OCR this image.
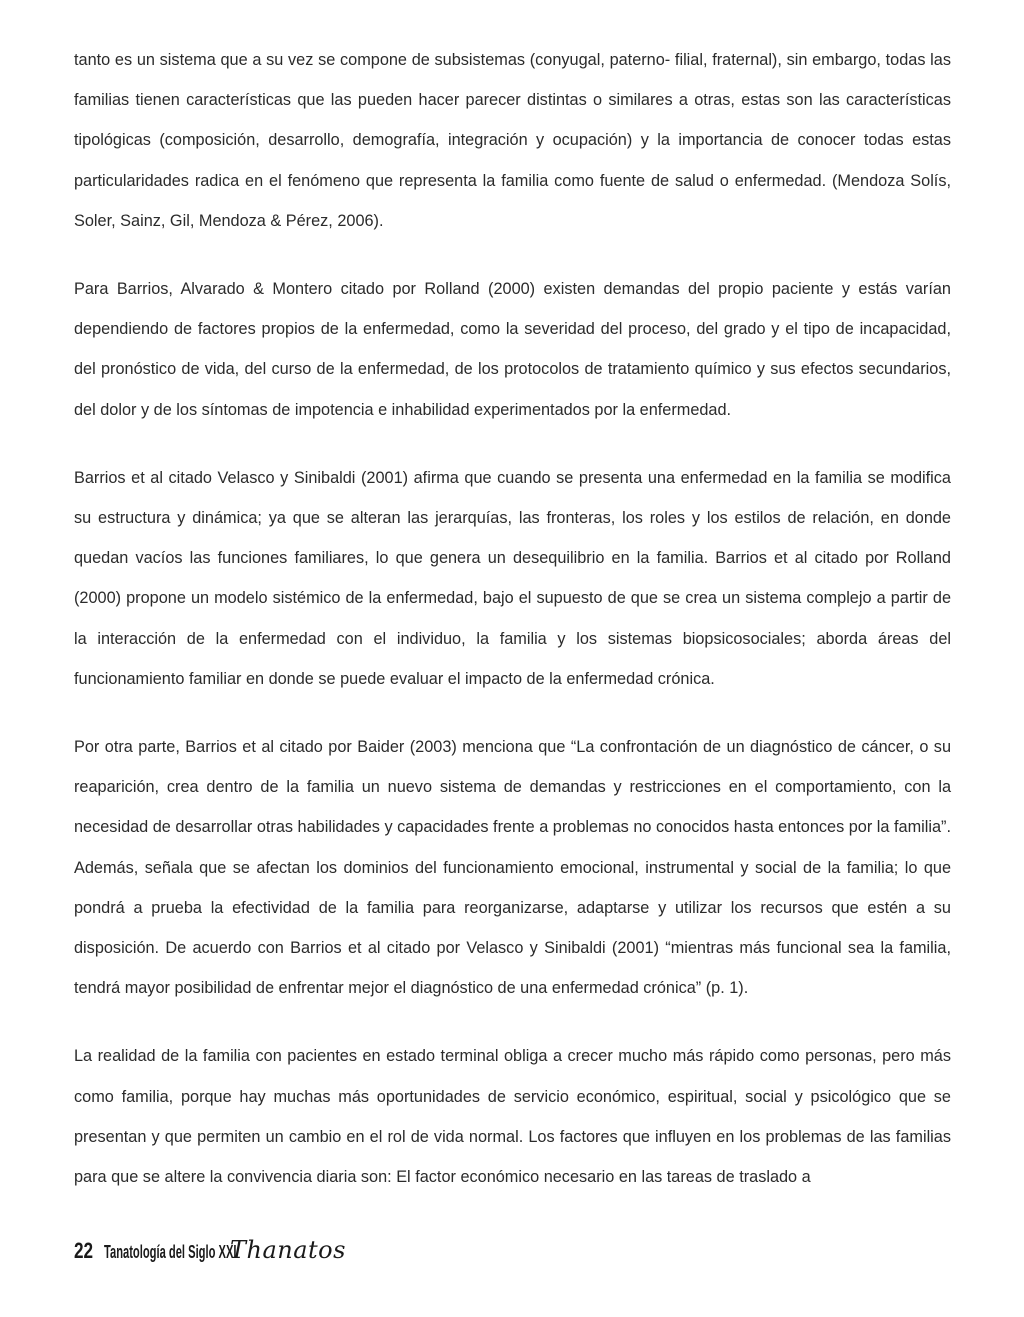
tanto es un sistema que a su vez se compone de subsistemas (conyugal, paterno- filial, fraternal), sin embargo, todas las familias tienen características que las pueden hacer parecer distintas o similares a otras, estas son las características tipológicas (composición, desarrollo, demografía, integración y ocupación) y la importancia de conocer todas estas particularidades radica en el fenómeno que representa la familia como fuente de salud o enfermedad. (Mendoza Solís, Soler, Sainz, Gil, Mendoza & Pérez, 2006).

Para Barrios, Alvarado & Montero citado por Rolland (2000) existen demandas del propio paciente y estás varían dependiendo de factores propios de la enfermedad, como la severidad del proceso, del grado y el tipo de incapacidad, del pronóstico de vida, del curso de la enfermedad, de los protocolos de tratamiento químico y sus efectos secundarios, del dolor y de los síntomas de impotencia e inhabilidad experimentados por la enfermedad.

Barrios et al citado Velasco y Sinibaldi (2001) afirma que cuando se presenta una enfermedad en la familia se modifica su estructura y dinámica; ya que se alteran las jerarquías, las fronteras, los roles y los estilos de relación, en donde quedan vacíos las funciones familiares, lo que genera un desequilibrio en la familia. Barrios et al citado por Rolland (2000) propone un modelo sistémico de la enfermedad, bajo el supuesto de que se crea un sistema complejo a partir de la interacción de la enfermedad con el individuo, la familia y los sistemas biopsicosociales; aborda áreas del funcionamiento familiar en donde se puede evaluar el impacto de la enfermedad crónica.

Por otra parte, Barrios et al citado por Baider (2003) menciona que “La confrontación de un diagnóstico de cáncer, o su reaparición, crea dentro de la familia un nuevo sistema de demandas y restricciones en el comportamiento, con la necesidad de desarrollar otras habilidades y capacidades frente a problemas no conocidos hasta entonces por la familia”. Además, señala que se afectan los dominios del funcionamiento emocional, instrumental y social de la familia; lo que pondrá a prueba la efectividad de la familia para reorganizarse, adaptarse y utilizar los recursos que estén a su disposición. De acuerdo con Barrios et al citado por Velasco y Sinibaldi (2001) “mientras más funcional sea la familia, tendrá mayor posibilidad de enfrentar mejor el diagnóstico de una enfermedad crónica” (p. 1).

La realidad de la familia con pacientes en estado terminal obliga a crecer mucho más rápido como personas, pero más como familia, porque hay muchas más oportunidades de servicio económico, espiritual, social y psicológico que se presentan y que permiten un cambio en el rol de vida normal. Los factores que influyen en los problemas de las familias para que se altere la convivencia diaria son: El factor económico necesario en las tareas de traslado a

22 Tanatología del Siglo XXI
Thanatos
